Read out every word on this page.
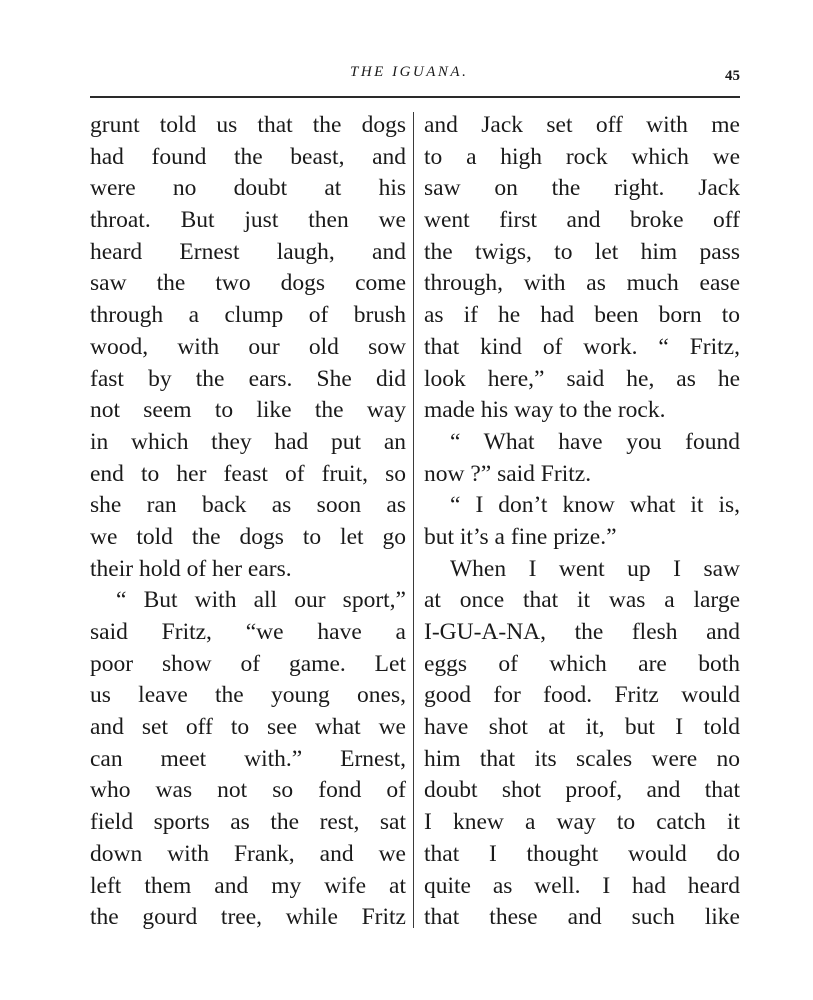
THE IGUANA.	45
grunt told us that the dogs
had found the beast, and
were no doubt at his
throat. But just then we
heard Ernest laugh, and
saw the two dogs come
through a clump of brush
wood, with our old sow
fast by the ears. She did
not seem to like the way
in which they had put an
end to her feast of fruit, so
she ran back as soon as
we told the dogs to let go
their hold of her ears.
“ But with all our sport,”
said Fritz, “we have a
poor show of game. Let
us leave the young ones,
and set off to see what we
can meet with.” Ernest,
who was not so fond of
field sports as the rest, sat
down with Frank, and we
left them and my wife at
the gourd tree, while Fritz
and Jack set off with me
to a high rock which we
saw on the right. Jack
went first and broke off
the twigs, to let him pass
through, with as much ease
as if he had been born to
that kind of work. “ Fritz,
look here,” said he, as he
made his way to the rock.
“ What have you found
now ?” said Fritz.
“ I don’t know what it is,
but it’s a fine prize.”
When I went up I saw
at once that it was a large
I-GU-A-NA, the flesh and
eggs of which are both
good for food. Fritz would
have shot at it, but I told
him that its scales were no
doubt shot proof, and that
I knew a way to catch it
that I thought would do
quite as well. I had heard
that these and such like
